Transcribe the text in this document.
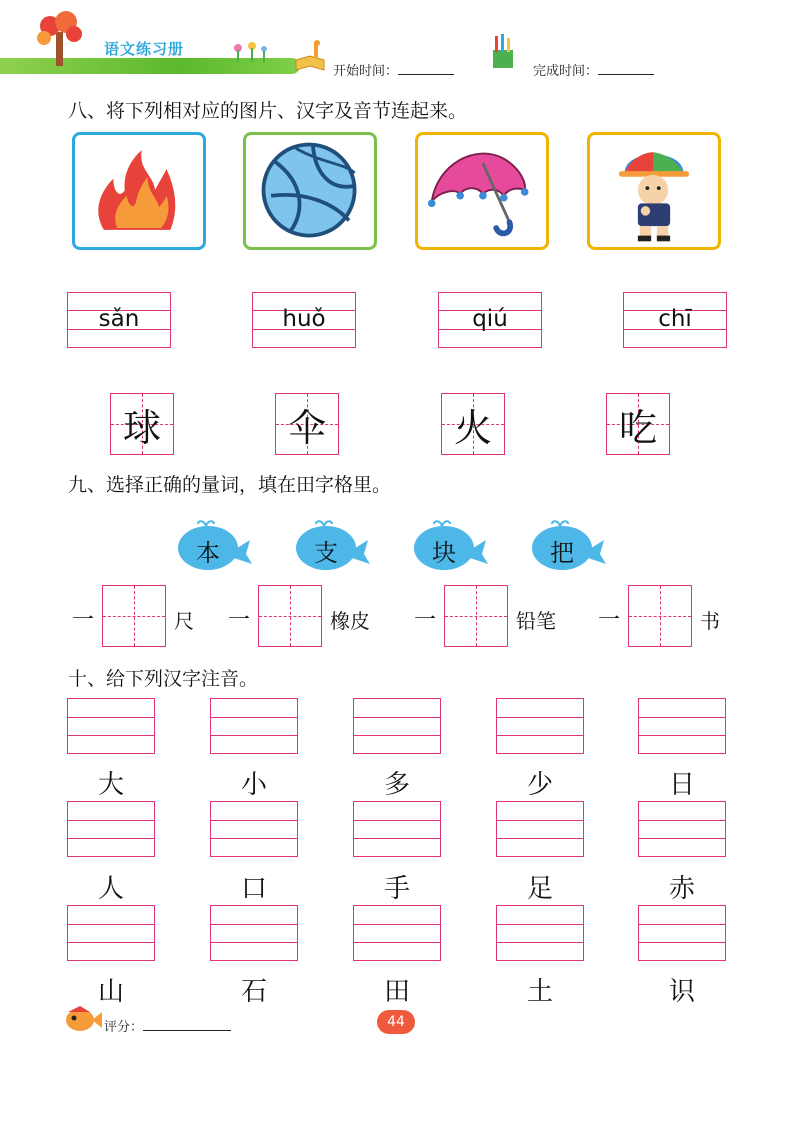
语文练习册
开始时间：	完成时间：
八、将下列相对应的图片、汉字及音节连起来。
sǎn	huǒ	qiú	chī
球	伞	火	吃
九、选择正确的量词，填在田字格里。
本	支	块	把
一	尺 一	橡皮 一	铅笔 一	书
十、给下列汉字注音。
大	小	多	少	日
人	口	手	足	赤
山	石	田	土	识
评分：	44
